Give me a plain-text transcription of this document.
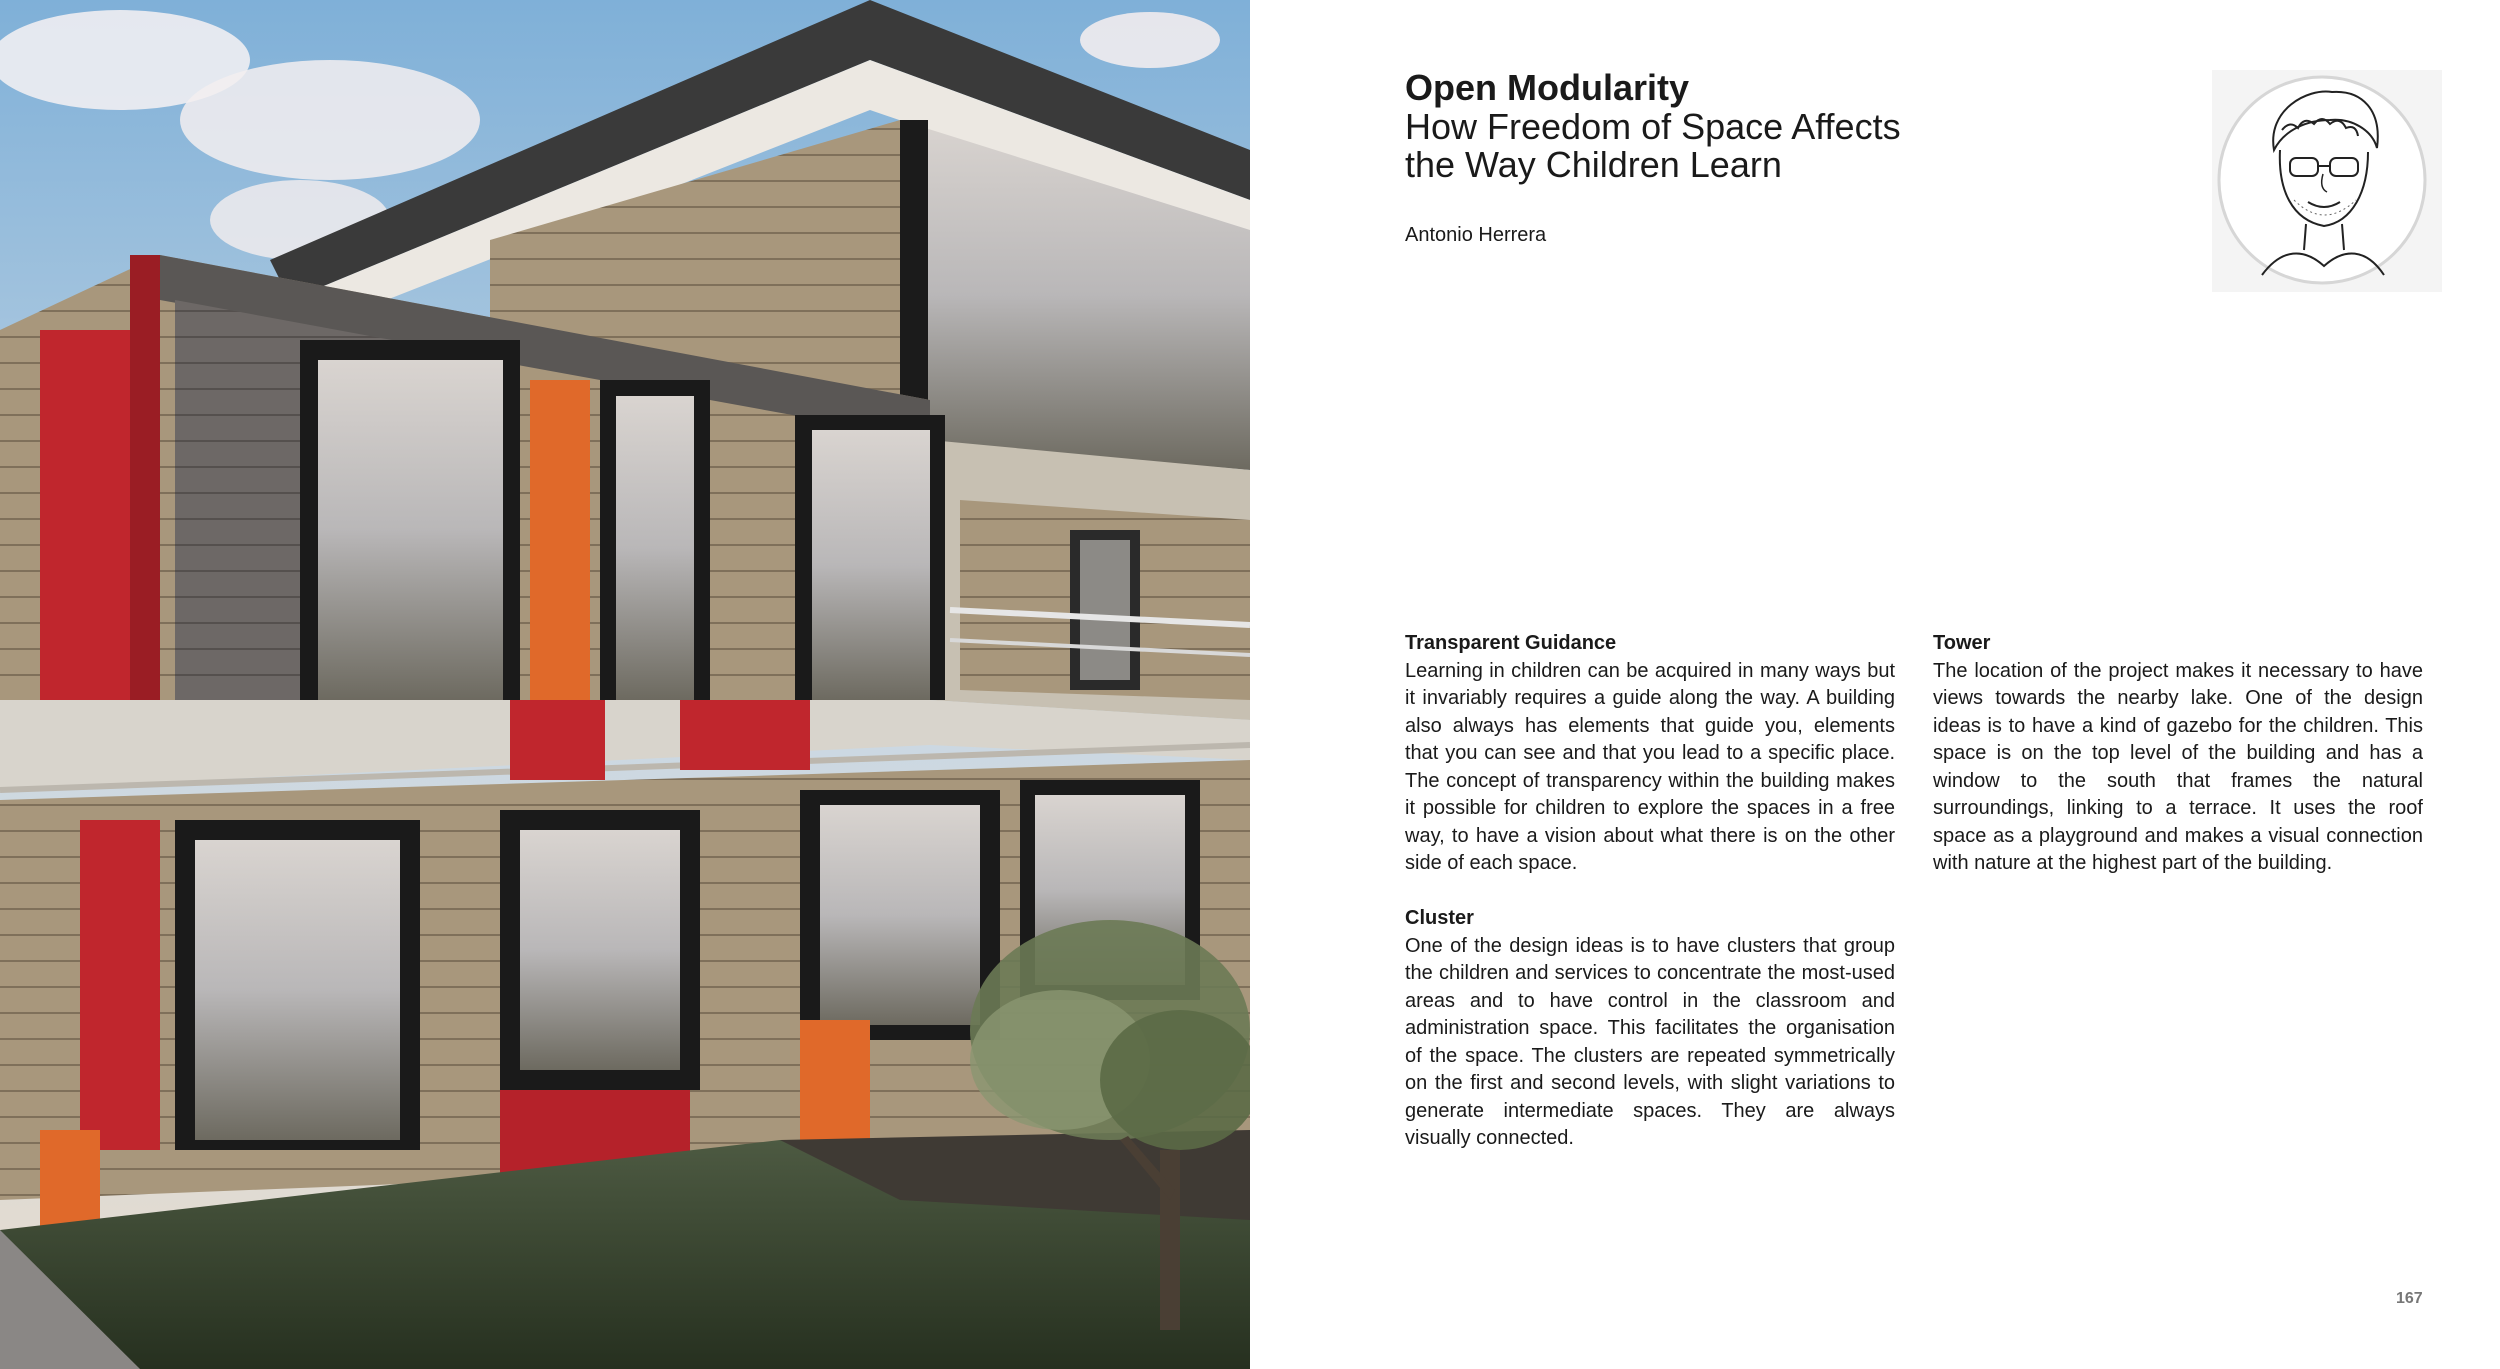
Open Modularity

How Freedom of Space Affects

the Way Children Learn

Antonio Herrera

Transparent Guidance

Learning in children can be acquired in many ways but it invariably requires a guide along the way. A building also always has elements that guide you, elements that you can see and that you lead to a specific place. The concept of transparency within the building makes it possible for children to explore the spaces in a free way, to have a vision about what there is on the other side of each space.

Cluster

One of the design ideas is to have clusters that group the children and services to concentrate the most-used areas and to have control in the classroom and administration space. This facilitates the organisation of the space. The clusters are repeated symmetrically on the first and second levels, with slight variations to generate intermediate spaces. They are always visually connected.

Tower

The location of the project makes it necessary to have views towards the nearby lake. One of the design ideas is to have a kind of gazebo for the children. This space is on the top level of the building and has a window to the south that frames the natural surroundings, linking to a terrace. It uses the roof space as a playground and makes a visual connection with nature at the highest part of the building.

167
